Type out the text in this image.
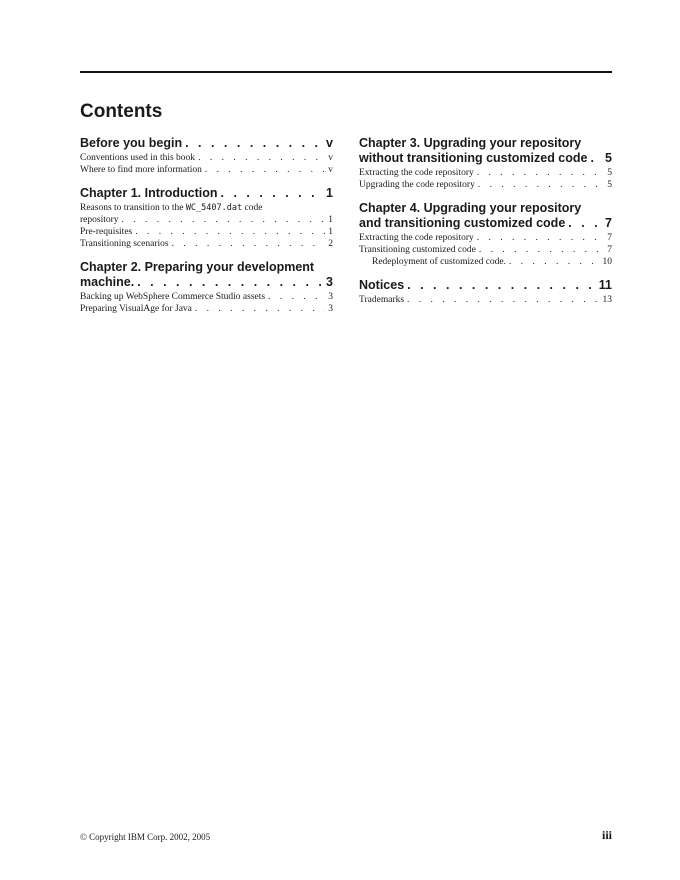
Contents
Before you begin . . .	v
Conventions used in this book . . .	v
Where to find more information . . .	v
Chapter 1. Introduction . . .	1
Reasons to transition to the WC_5407.dat code
repository . . .	1
Pre-requisites . . .	1
Transitioning scenarios . . .	2
Chapter 2. Preparing your development
machine. . . .	3
Backing up WebSphere Commerce Studio assets . . .	3
Preparing VisualAge for Java . . .	3
Chapter 3. Upgrading your repository
without transitioning customized code . . . 5
Extracting the code repository . . .	5
Upgrading the code repository . . .	5
Chapter 4. Upgrading your repository
and transitioning customized code . . .	7
Extracting the code repository . . .	7
Transitioning customized code . . .	7
Redeployment of customized code. . . .	10
Notices . . .	11
Trademarks . . .	13
© Copyright IBM Corp. 2002, 2005	iii
